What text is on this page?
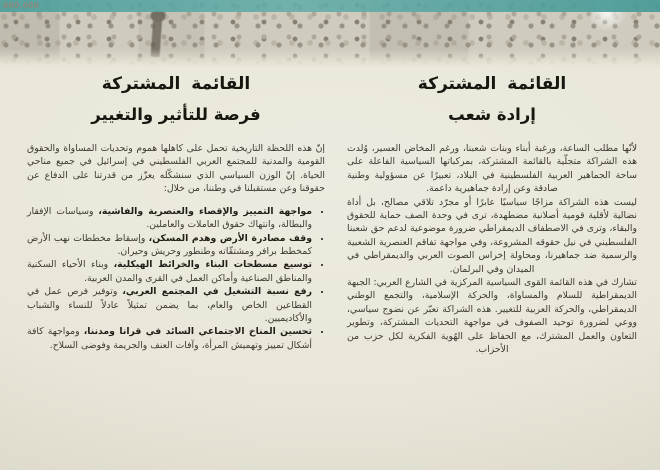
800.000
القائمة المشتركة
إرادة شعب

لأنّها مطلب الساعة، ورغبة أبناء وبنات شعبنا، ورغم المخاض العسير، وُلدت هذه الشراكة متجلّية بالقائمة المشتركة، بمركباتها السياسية الفاعلة على ساحة الجماهير العربية الفلسطينية في البلاد، تعبيرًا عن مسؤولية وطنية صادقة وعن إرادة جماهيرية داعمة.

ليست هذه الشراكة مزاجًا سياسيًا عابرًا أو مجرّد تلاقي مصالح، بل أداة نضالية لأقلية قومية أصلانية مضطهدة، ترى في وحدة الصف حماية للحقوق والبقاء، وترى في الاصطفاف الديمقراطي ضرورة موضوعية لدعم حق شعبنا الفلسطيني في نيل حقوقه المشروعة، وفي مواجهة تفاقم العنصرية الشعبية والرسمية ضد جماهيرنا، ومحاولة إخراس الصوت العربي والديمقراطي في الميدان وفي البرلمان.

تشارك في هذه القائمة القوى السياسية المركزية في الشارع العربي: الجبهة الديمقراطية للسلام والمساواة، والحركة الإسلامية، والتجمع الوطني الديمقراطي، والحركة العربية للتغيير. هذه الشراكة تعبّر عن نضوج سياسي، ووعي لضرورة توحيد الصفوف في مواجهة التحديات المشتركة، وتطوير التعاون والعمل المشترك، مع الحفاظ على الهُوية الفكرية لكل حزب من الأحزاب.

القائمة المشتركة
فرصة للتأثير والتغيير

إنّ هذه اللحظة التاريخية تحمل على كاهلها هموم وتحديات المساواة والحقوق القومية والمدنية للمجتمع العربي الفلسطيني في إسرائيل في جميع مناحي الحياة. إنّ الوزن السياسي الذي سنشكّله يعزّز من قدرتنا على الدفاع عن حقوقنا وعن مستقبلنا في وطننا، من خلال:

• مواجهة التمييز والإقصاء والعنصرية والفاشية، وسياسات الإفقار والبطالة، وانتهاك حقوق العاملات والعاملين.
• وقف مصادرة الأرض وهدم المسكن، وإسقاط مخططات نهب الأرض كمخطط برافر ومشتقّاته وطنطور وحريش وحيران.
• توسيع مسطحات البناء والخرائط الهيكلية، وبناء الأحياء السكنية والمناطق الصناعية وأماكن العمل في القرى والمدن العربية.
• رفع نسبة التشغيل في المجتمع العربي، وتوفير فرص عمل في القطاعين الخاص والعام، بما يضمن تمثيلاً عادلاً للنساء والشباب والأكاديميين.
• تحسين المناخ الاجتماعي السائد في قرانا ومدننا، ومواجهة كافة أشكال تمييز وتهميش المرأة، وآفات العنف والجريمة وفوضى السلاح.
